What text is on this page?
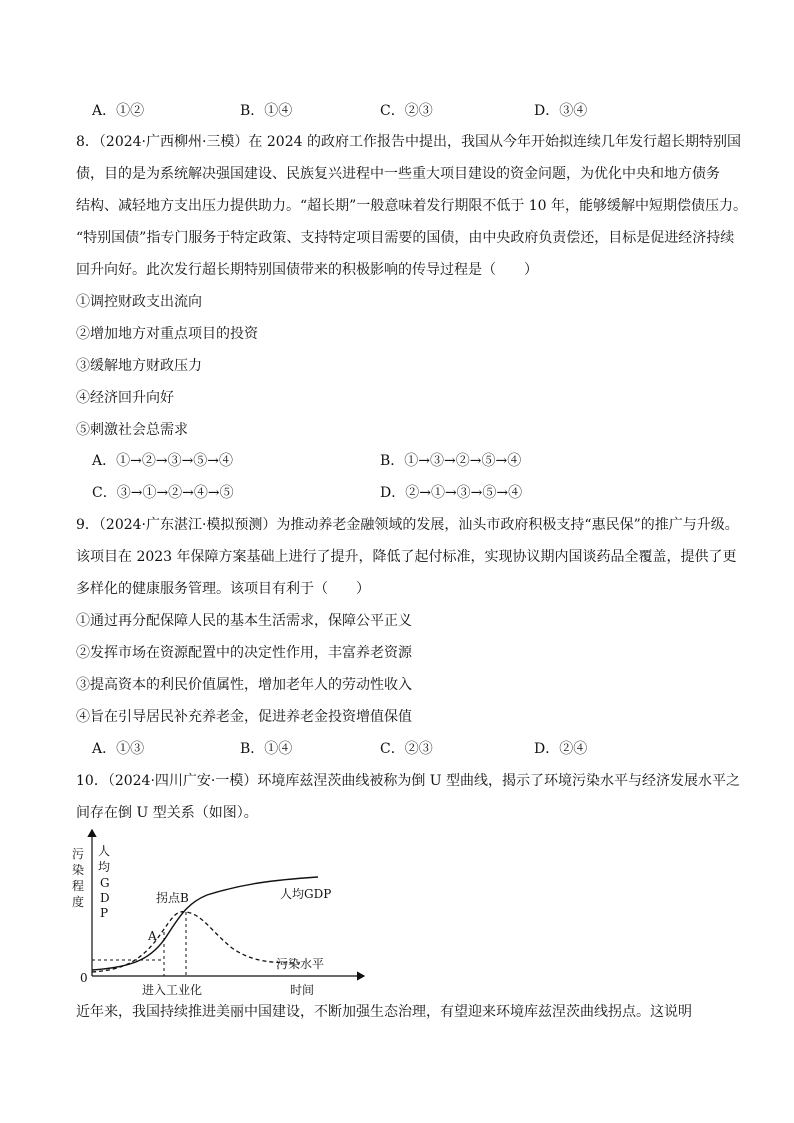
A．①②	B．①④	C．②③	D．③④
8．（2024·广西柳州·三模）在 2024 的政府工作报告中提出，我国从今年开始拟连续几年发行超长期特别国
债，目的是为系统解决强国建设、民族复兴进程中一些重大项目建设的资金问题，为优化中央和地方债务
结构、减轻地方支出压力提供助力。“超长期”一般意味着发行期限不低于 10 年，能够缓解中短期偿债压力。
“特别国债”指专门服务于特定政策、支持特定项目需要的国债，由中央政府负责偿还，目标是促进经济持续
回升向好。此次发行超长期特别国债带来的积极影响的传导过程是（　　）
①调控财政支出流向
②增加地方对重点项目的投资
③缓解地方财政压力
④经济回升向好
⑤刺激社会总需求
A．①→②→③→⑤→④	B．①→③→②→⑤→④
C．③→①→②→④→⑤	D．②→①→③→⑤→④
9．（2024·广东湛江·模拟预测）为推动养老金融领域的发展，汕头市政府积极支持“惠民保”的推广与升级。
该项目在 2023 年保障方案基础上进行了提升，降低了起付标准，实现协议期内国谈药品全覆盖，提供了更
多样化的健康服务管理。该项目有利于（　　）
①通过再分配保障人民的基本生活需求，保障公平正义
②发挥市场在资源配置中的决定性作用，丰富养老资源
③提高资本的利民价值属性，增加老年人的劳动性收入
④旨在引导居民补充养老金，促进养老金投资增值保值
A．①③	B．①④	C．②③	D．②④
10．（2024·四川广安·一模）环境库兹涅茨曲线被称为倒 U 型曲线，揭示了环境污染水平与经济发展水平之
间存在倒 U 型关系（如图）。
污
染
程
度
人
均
G
D
P
拐点B
A
人均GDP
污染水平
0
进入工业化	时间
近年来，我国持续推进美丽中国建设，不断加强生态治理，有望迎来环境库兹涅茨曲线拐点。这说明
